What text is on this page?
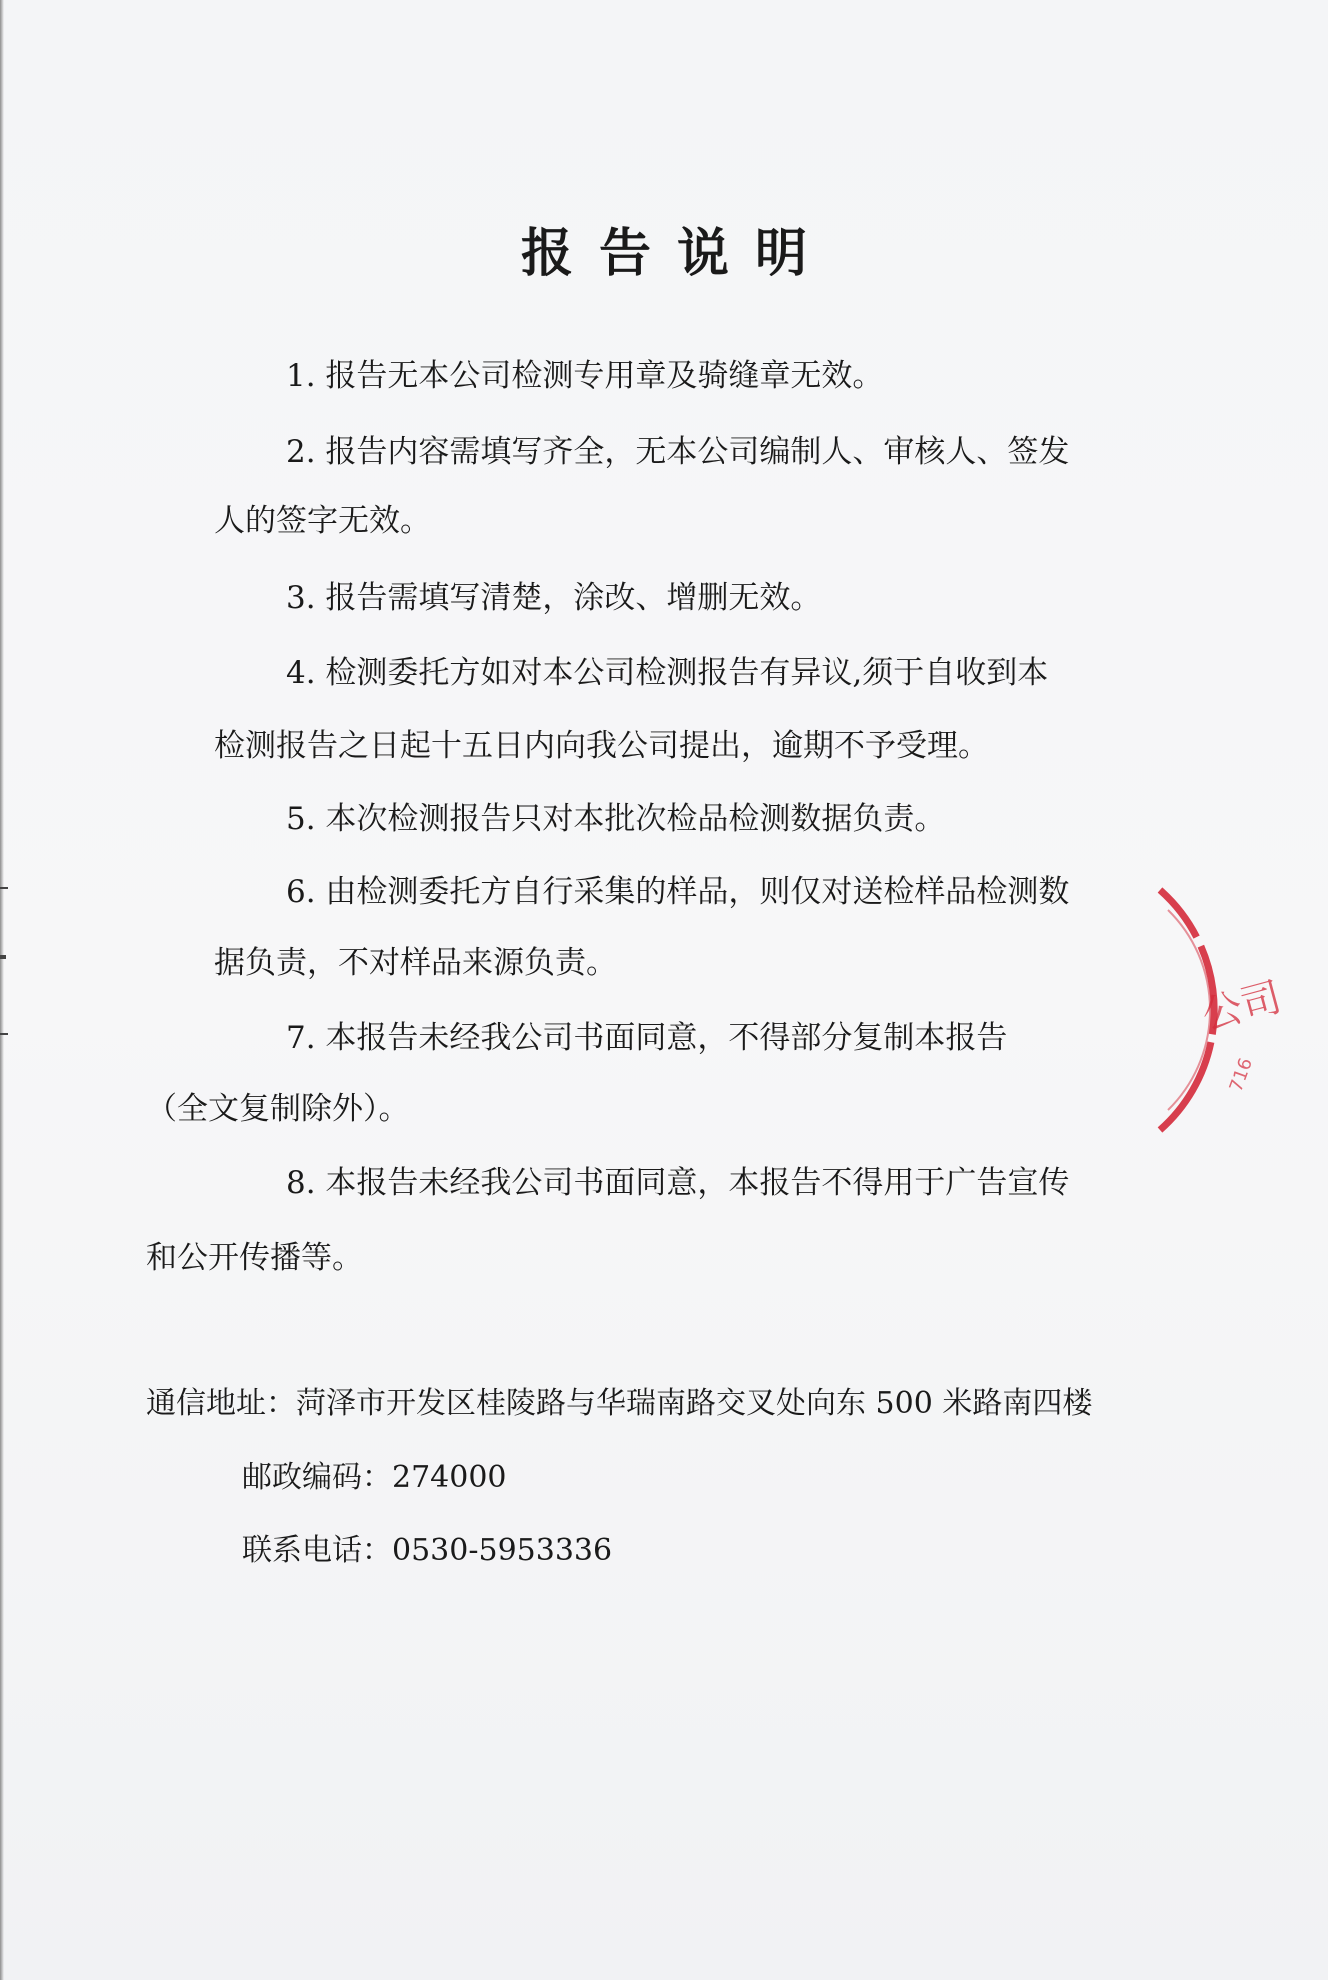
报告说明
1. 报告无本公司检测专用章及骑缝章无效。
2. 报告内容需填写齐全，无本公司编制人、审核人、签发
人的签字无效。
3. 报告需填写清楚，涂改、增删无效。
4. 检测委托方如对本公司检测报告有异议,须于自收到本
检测报告之日起十五日内向我公司提出，逾期不予受理。
5. 本次检测报告只对本批次检品检测数据负责。
6. 由检测委托方自行采集的样品，则仅对送检样品检测数
据负责，不对样品来源负责。
7. 本报告未经我公司书面同意，不得部分复制本报告
（全文复制除外）。
8. 本报告未经我公司书面同意，本报告不得用于广告宣传
和公开传播等。
通信地址：菏泽市开发区桂陵路与华瑞南路交叉处向东 500 米路南四楼
邮政编码：274000
联系电话：0530-5953336
公司
716
